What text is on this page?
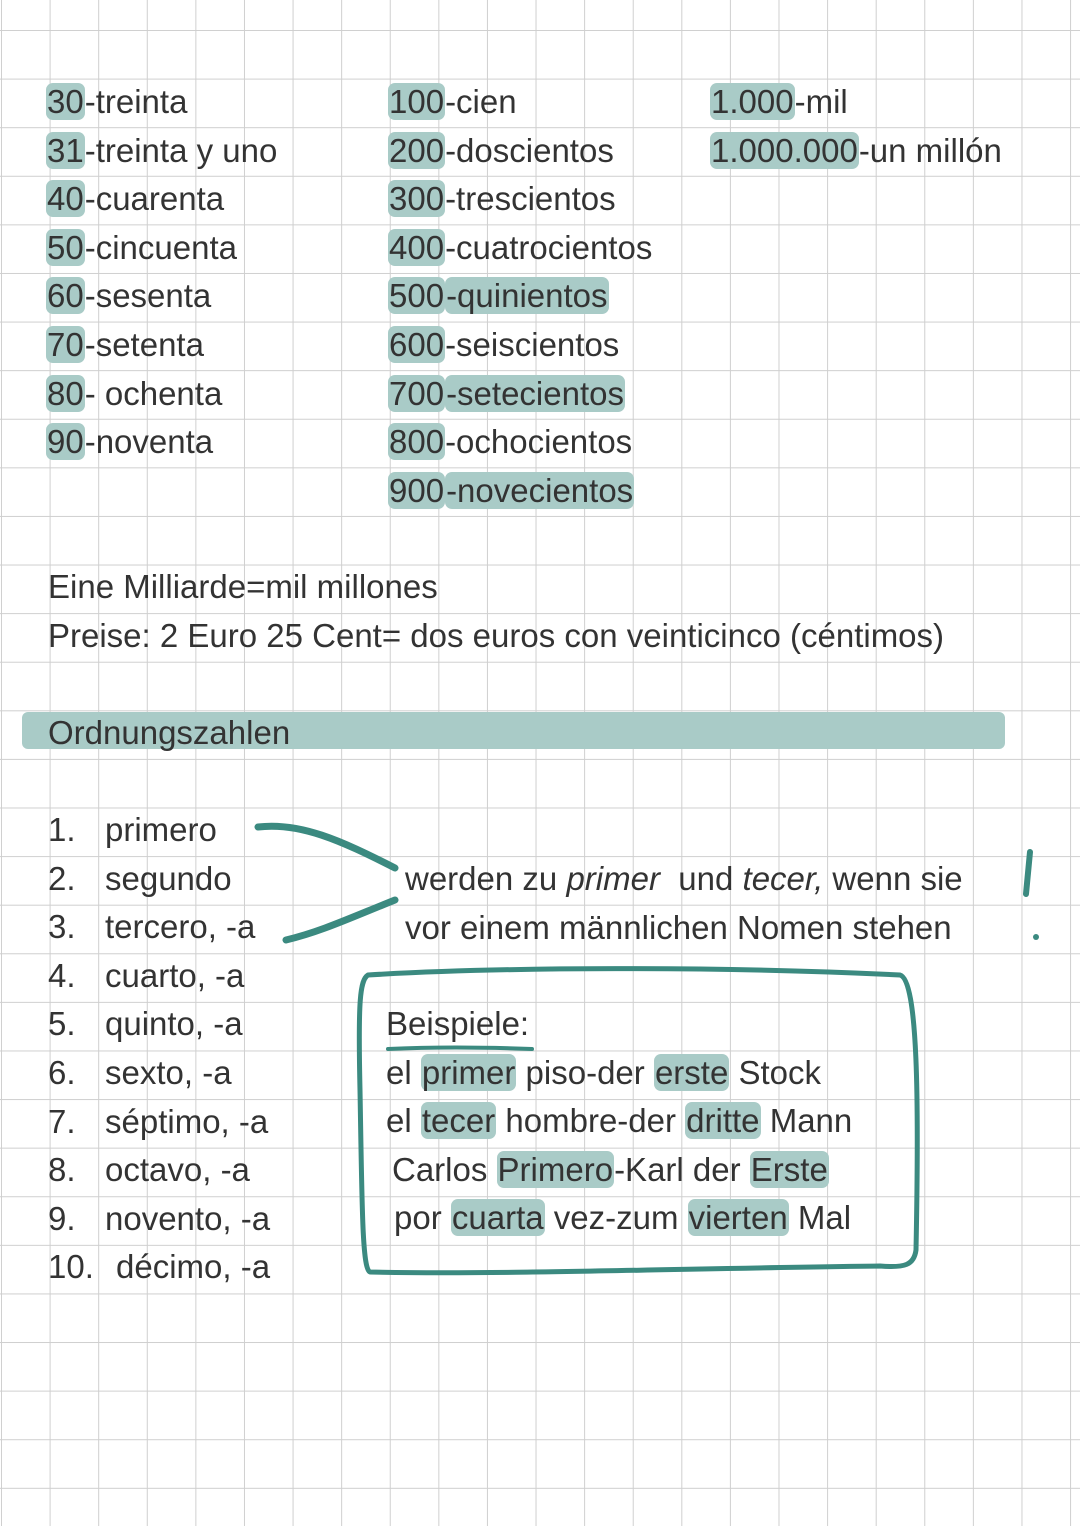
30-treinta
31-treinta y uno
40-cuarenta
50-cincuenta
60-sesenta
70-setenta
80- ochenta
90-noventa
100-cien
200-doscientos
300-trescientos
400-cuatrocientos
500-quinientos
600-seiscientos
700-setecientos
800-ochocientos
900-novecientos
1.000-mil
1.000.000-un millón
Eine Milliarde=mil millones
Preise: 2 Euro 25 Cent= dos euros con veinticinco (céntimos)
Ordnungszahlen
1. primero
2. segundo
3. tercero, -a
4. cuarto, -a
5. quinto, -a
6. sexto, -a
7. séptimo, -a
8. octavo, -a
9. novento, -a
10. décimo, -a
werden zu primer  und tecer, wenn sie
vor einem männlichen Nomen stehen
Beispiele:
el primer piso-der erste Stock
el tecer hombre-der dritte Mann
Carlos Primero-Karl der Erste
por cuarta vez-zum vierten Mal
